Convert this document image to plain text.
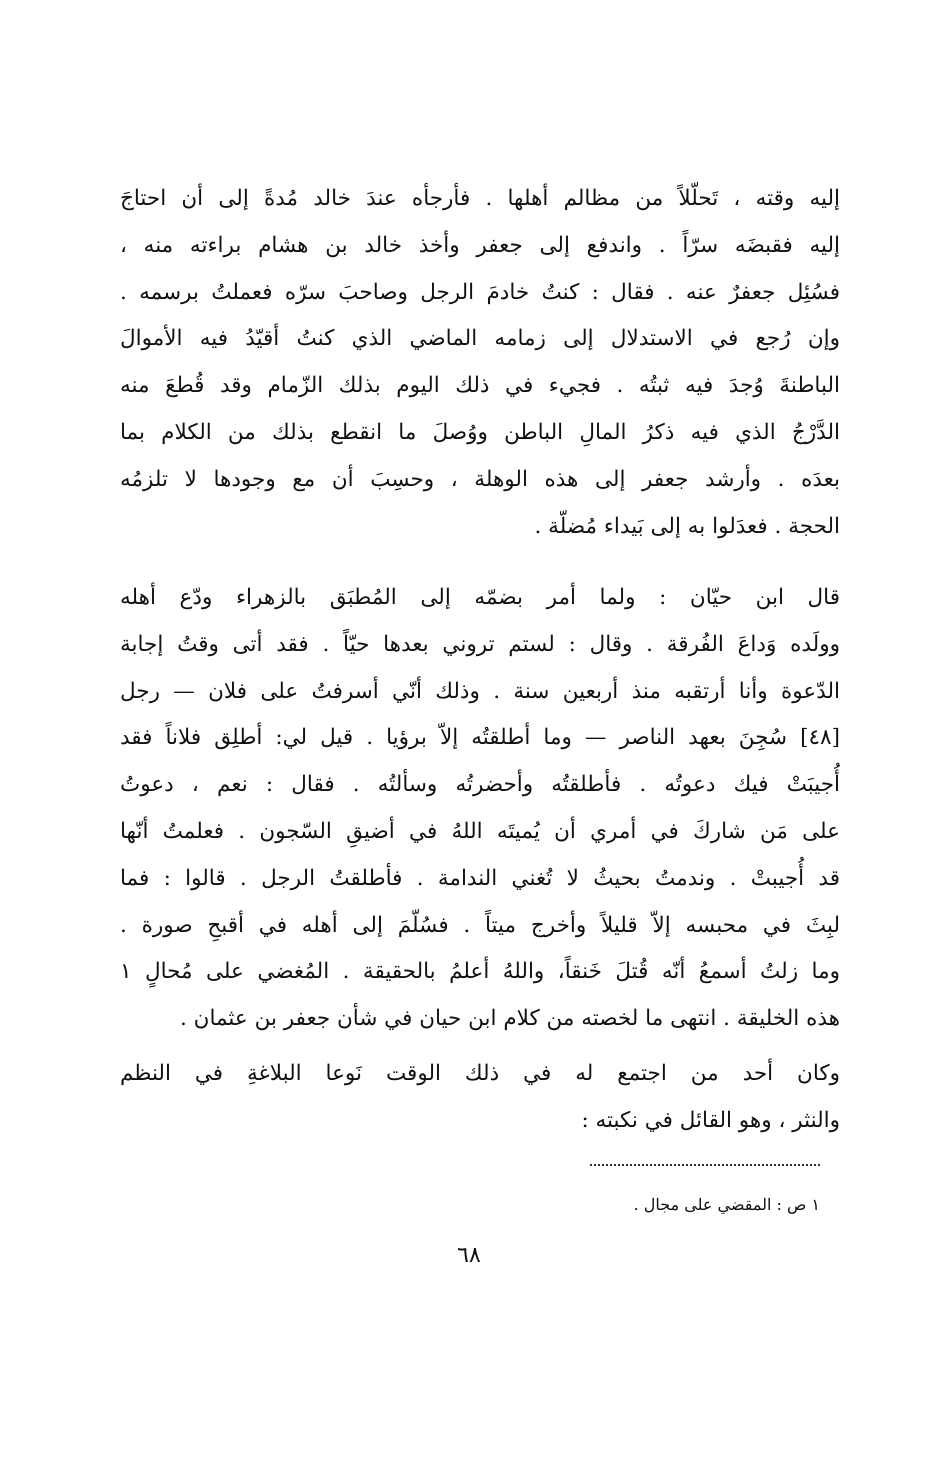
إليه وقته ، تَحلّلاً من مظالم أهلها . فأرجأه عندَ خالد مُدةً إلى أن احتاجَ
إليه فقبضَه سرّاً . واندفع إلى جعفر وأخذ خالد بن هشام براءته منه ،
فسُئِل جعفرٌ عنه . فقال : كنتُ خادمَ الرجل وصاحبَ سرّه فعملتُ برسمه .
وإن رُجع في الاستدلال إلى زمامه الماضي الذي كنتُ أقيّدُ فيه الأموالَ
الباطنةَ وُجدَ فيه ثبتُه . فجيء في ذلك اليوم بذلك الزّمام وقد قُطعَ منه
الدَّرْجُ الذي فيه ذكرُ المالِ الباطن ووُصلَ ما انقطع بذلك من الكلام بما
بعدَه . وأرشد جعفر إلى هذه الوهلة ، وحسِبَ أن مع وجودها لا تلزمُه
الحجة . فعدَلوا به إلى بَيداء مُضلّة .
قال ابن حيّان : ولما أمر بضمّه إلى المُطبَق بالزهراء ودّع أهله
وولَده وَداعَ الفُرقة . وقال : لستم تروني بعدها حيّاً . فقد أتى وقتُ إجابة
الدّعوة وأنا أرتقبه منذ أربعين سنة . وذلك أنّي أسرفتُ على فلان — رجل
[٤٨] سُجِنَ بعهد الناصر — وما أطلقتُه إلاّ برؤيا . قيل لي: أطلِق فلاناً فقد
أُجيبَتْ فيك دعوتُه . فأطلقتُه وأحضرتُه وسألتُه . فقال : نعم ، دعوتُ
على مَن شاركَ في أمري أن يُميتَه اللهُ في أضيقِ السّجون . فعلمتُ أنّها
قد أُجيبتْ . وندمتُ بحيثُ لا تُغني الندامة . فأطلقتُ الرجل . قالوا : فما
لبِثَ في محبسه إلاّ قليلاً وأخرج ميتاً . فسُلّمَ إلى أهله في أقبحِ صورة .
وما زلتُ أسمعُ أنّه قُتلَ خَنقاً، واللهُ أعلمُ بالحقيقة . المُغضي على مُحالٍ ١
هذه الخليقة . انتهى ما لخصته من كلام ابن حيان في شأن جعفر بن عثمان .
وكان أحد من اجتمع له في ذلك الوقت نَوعا البلاغةِ في النظم
والنثر ، وهو القائل في نكبته :
١ ص : المقضي على مجال .
٦٨
